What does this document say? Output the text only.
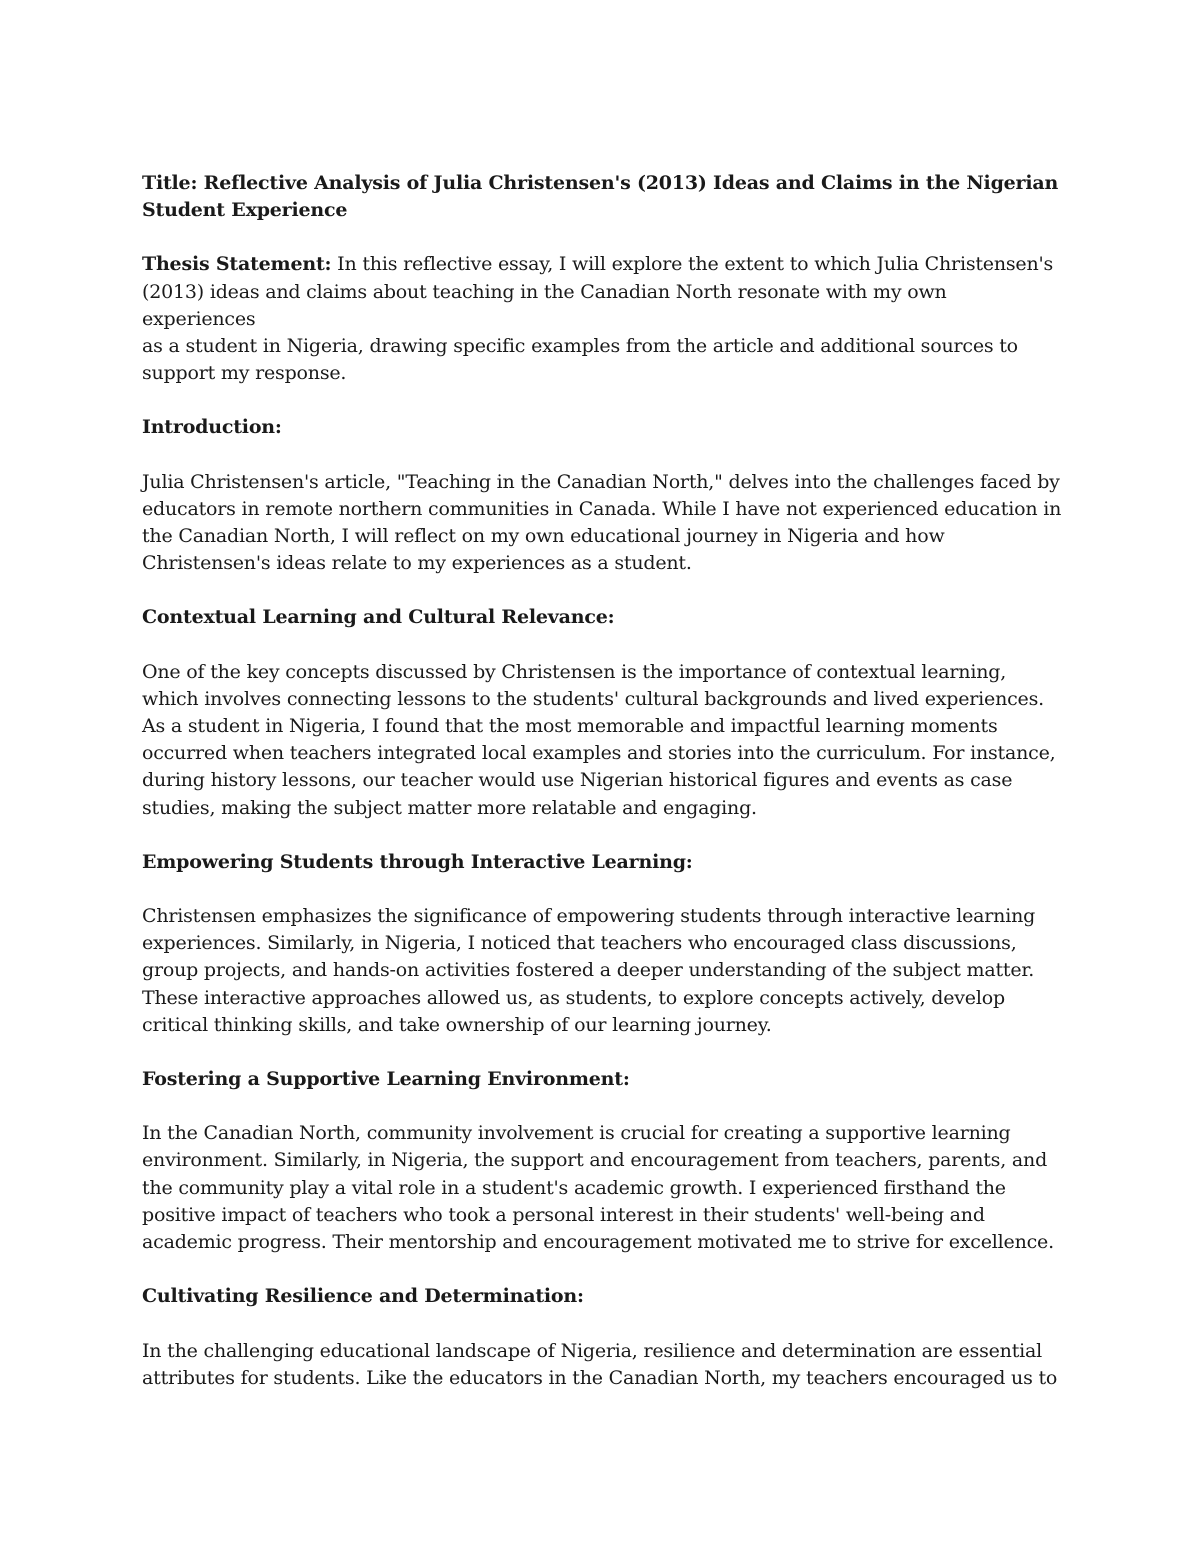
Title: Reflective Analysis of Julia Christensen's (2013) Ideas and Claims in the Nigerian
Student Experience

Thesis Statement: In this reflective essay, I will explore the extent to which Julia Christensen's
(2013) ideas and claims about teaching in the Canadian North resonate with my own experiences
as a student in Nigeria, drawing specific examples from the article and additional sources to
support my response.

Introduction:

Julia Christensen's article, "Teaching in the Canadian North," delves into the challenges faced by
educators in remote northern communities in Canada. While I have not experienced education in
the Canadian North, I will reflect on my own educational journey in Nigeria and how
Christensen's ideas relate to my experiences as a student.

Contextual Learning and Cultural Relevance:

One of the key concepts discussed by Christensen is the importance of contextual learning,
which involves connecting lessons to the students' cultural backgrounds and lived experiences.
As a student in Nigeria, I found that the most memorable and impactful learning moments
occurred when teachers integrated local examples and stories into the curriculum. For instance,
during history lessons, our teacher would use Nigerian historical figures and events as case
studies, making the subject matter more relatable and engaging.

Empowering Students through Interactive Learning:

Christensen emphasizes the significance of empowering students through interactive learning
experiences. Similarly, in Nigeria, I noticed that teachers who encouraged class discussions,
group projects, and hands-on activities fostered a deeper understanding of the subject matter.
These interactive approaches allowed us, as students, to explore concepts actively, develop
critical thinking skills, and take ownership of our learning journey.

Fostering a Supportive Learning Environment:

In the Canadian North, community involvement is crucial for creating a supportive learning
environment. Similarly, in Nigeria, the support and encouragement from teachers, parents, and
the community play a vital role in a student's academic growth. I experienced firsthand the
positive impact of teachers who took a personal interest in their students' well-being and
academic progress. Their mentorship and encouragement motivated me to strive for excellence.

Cultivating Resilience and Determination:

In the challenging educational landscape of Nigeria, resilience and determination are essential
attributes for students. Like the educators in the Canadian North, my teachers encouraged us to
